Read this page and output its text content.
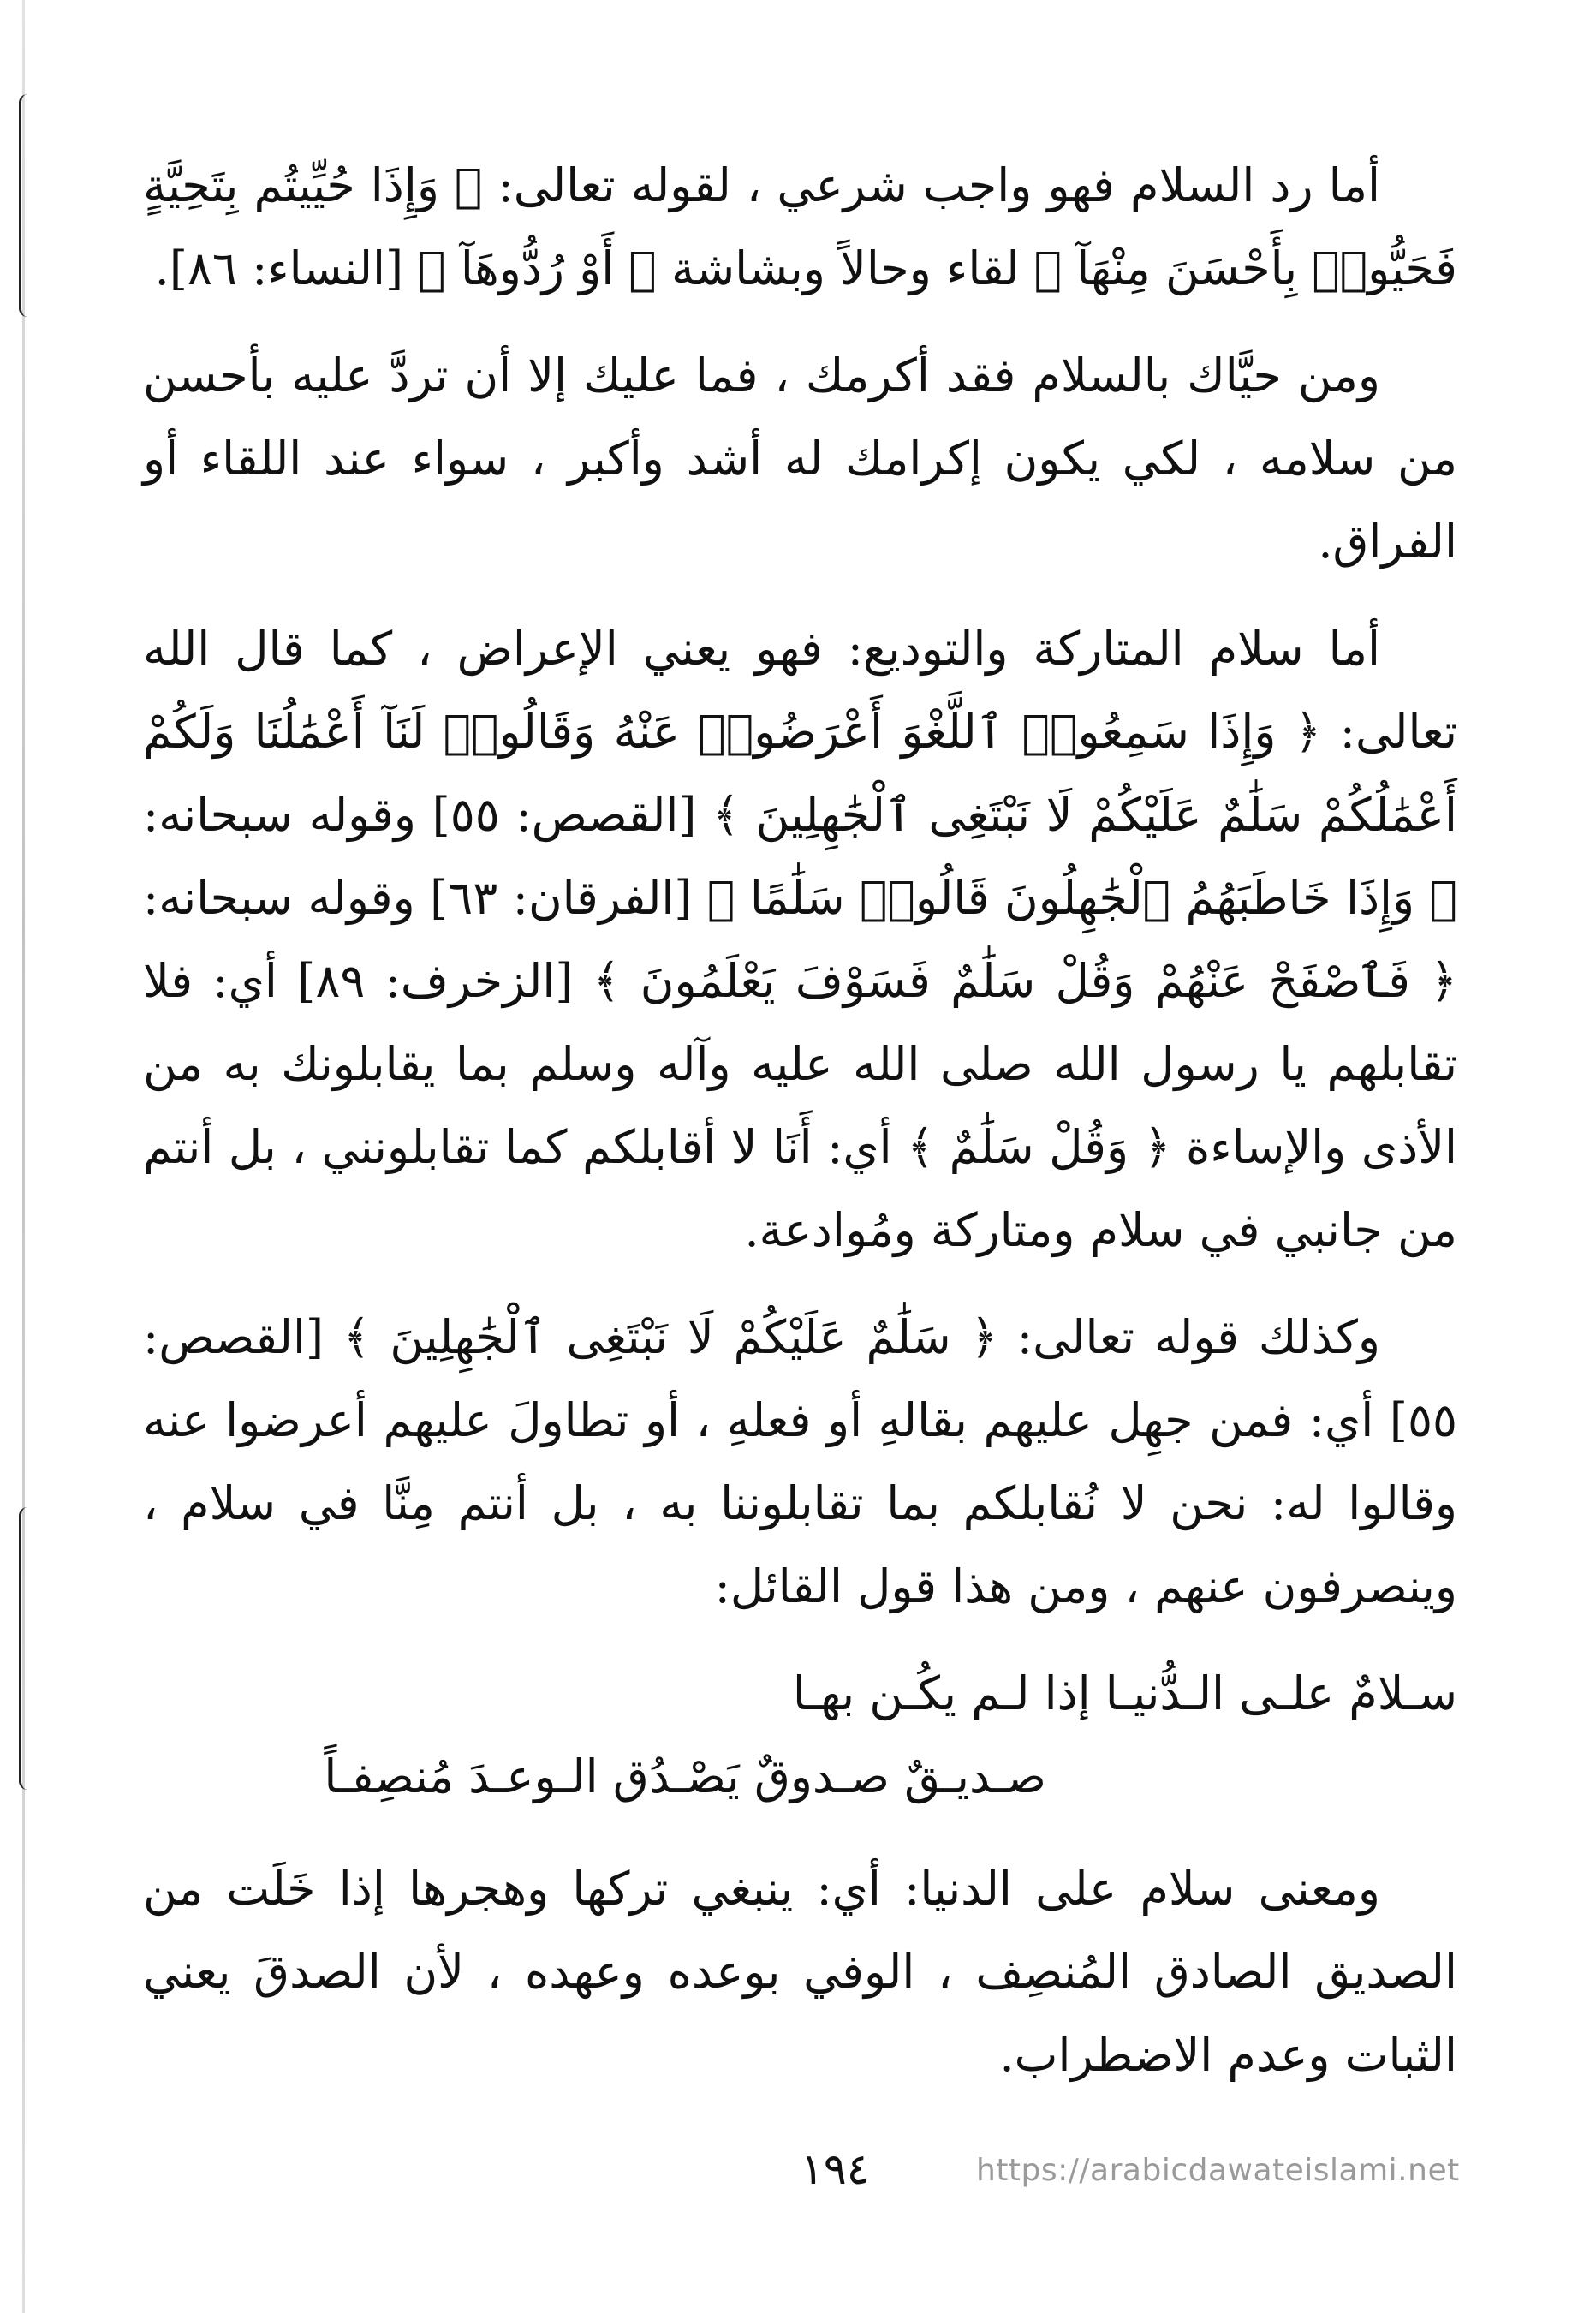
أما رد السلام فهو واجب شرعي ، لقوله تعالى: ﴿ وَإِذَا حُيِّيتُم بِتَحِيَّةٍ فَحَيُّوا۟ بِأَحْسَنَ مِنْهَآ ﴾ لقاء وحالاً وبشاشة ﴿ أَوْ رُدُّوهَآ ﴾ [النساء: ٨٦].

ومن حيَّاك بالسلام فقد أكرمك ، فما عليك إلا أن تردَّ عليه بأحسن من سلامه ، لكي يكون إكرامك له أشد وأكبر ، سواء عند اللقاء أو الفراق.

أما سلام المتاركة والتوديع: فهو يعني الإعراض ، كما قال الله تعالى: ﴿ وَإِذَا سَمِعُوا۟ ٱللَّغْوَ أَعْرَضُوا۟ عَنْهُ وَقَالُوا۟ لَنَآ أَعْمَٰلُنَا وَلَكُمْ أَعْمَٰلُكُمْ سَلَٰمٌ عَلَيْكُمْ لَا نَبْتَغِى ٱلْجَٰهِلِينَ ﴾ [القصص: ٥٥] وقوله سبحانه: ﴿ وَإِذَا خَاطَبَهُمُ ٱلْجَٰهِلُونَ قَالُوا۟ سَلَٰمًا ﴾ [الفرقان: ٦٣] وقوله سبحانه: ﴿ فَٱصْفَحْ عَنْهُمْ وَقُلْ سَلَٰمٌ فَسَوْفَ يَعْلَمُونَ ﴾ [الزخرف: ٨٩] أي: فلا تقابلهم يا رسول الله صلى الله عليه وآله وسلم بما يقابلونك به من الأذى والإساءة ﴿ وَقُلْ سَلَٰمٌ ﴾ أي: أَنَا لا أقابلكم كما تقابلونني ، بل أنتم من جانبي في سلام ومتاركة ومُوادعة.

وكذلك قوله تعالى: ﴿ سَلَٰمٌ عَلَيْكُمْ لَا نَبْتَغِى ٱلْجَٰهِلِينَ ﴾ [القصص: ٥٥] أي: فمن جهِل عليهم بقالهِ أو فعلهِ ، أو تطاولَ عليهم أعرضوا عنه وقالوا له: نحن لا نُقابلكم بما تقابلوننا به ، بل أنتم مِنَّا في سلام ، وينصرفون عنهم ، ومن هذا قول القائل:

سـلامٌ علـى الـدُّنيـا إذا لـم يكُـن بهـا

صـديـقٌ صـدوقٌ يَصْـدُق الـوعـدَ مُنصِفـاً

ومعنى سلام على الدنيا: أي: ينبغي تركها وهجرها إذا خَلَت من الصديق الصادق المُنصِف ، الوفي بوعده وعهده ، لأن الصدقَ يعني الثبات وعدم الاضطراب.

١٩٤	https://arabicdawateislami.net
